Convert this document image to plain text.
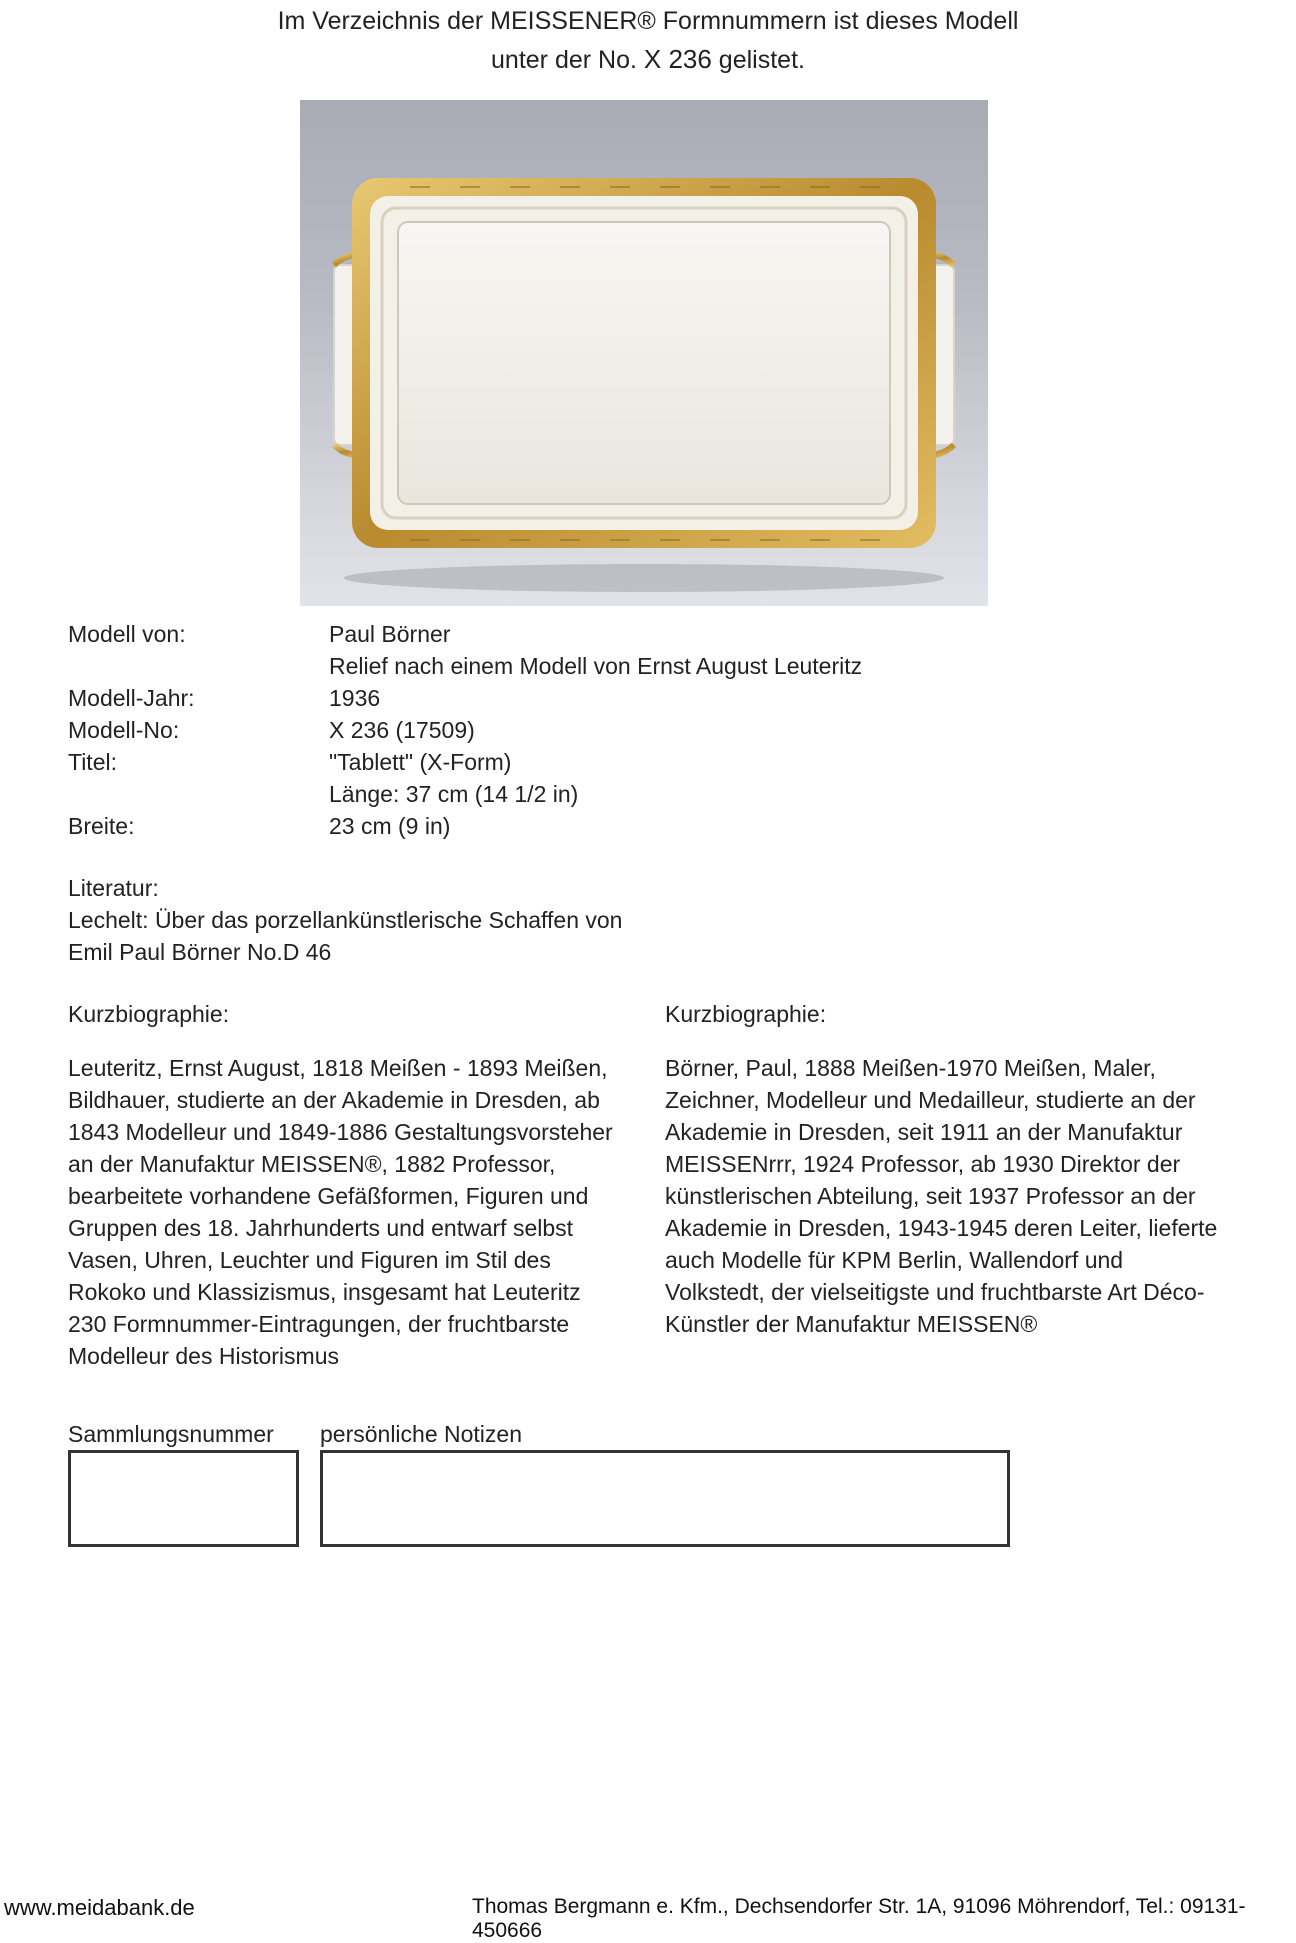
Im Verzeichnis der MEISSENER® Formnummern ist dieses Modell
unter der No. X 236 gelistet.
Modell von:	Paul Börner
Relief nach einem Modell von Ernst August Leuteritz
Modell-Jahr:	1936
Modell-No:	X 236 (17509)
Titel:	"Tablett" (X-Form)
Länge: 37 cm (14 1/2 in)
Breite:	23 cm (9 in)
Literatur:
Lechelt: Über das porzellankünstlerische Schaffen von
Emil Paul Börner No.D 46
Kurzbiographie:
Leuteritz, Ernst August, 1818 Meißen - 1893 Meißen,
Bildhauer, studierte an der Akademie in Dresden, ab
1843 Modelleur und 1849-1886 Gestaltungsvorsteher
an der Manufaktur MEISSEN®, 1882 Professor,
bearbeitete vorhandene Gefäßformen, Figuren und
Gruppen des 18. Jahrhunderts und entwarf selbst
Vasen, Uhren, Leuchter und Figuren im Stil des
Rokoko und Klassizismus, insgesamt hat Leuteritz
230 Formnummer-Eintragungen, der fruchtbarste
Modelleur des Historismus
Kurzbiographie:
Börner, Paul, 1888 Meißen-1970 Meißen, Maler,
Zeichner, Modelleur und Medailleur, studierte an der
Akademie in Dresden, seit 1911 an der Manufaktur
MEISSENrrr, 1924 Professor, ab 1930 Direktor der
künstlerischen Abteilung, seit 1937 Professor an der
Akademie in Dresden, 1943-1945 deren Leiter, lieferte
auch Modelle für KPM Berlin, Wallendorf und
Volkstedt, der vielseitigste und fruchtbarste Art Déco-
Künstler der Manufaktur MEISSEN®
Sammlungsnummer persönliche Notizen
www.meidabank.de	Thomas Bergmann e. Kfm., Dechsendorfer Str. 1A, 91096 Möhrendorf, Tel.: 09131-450666
